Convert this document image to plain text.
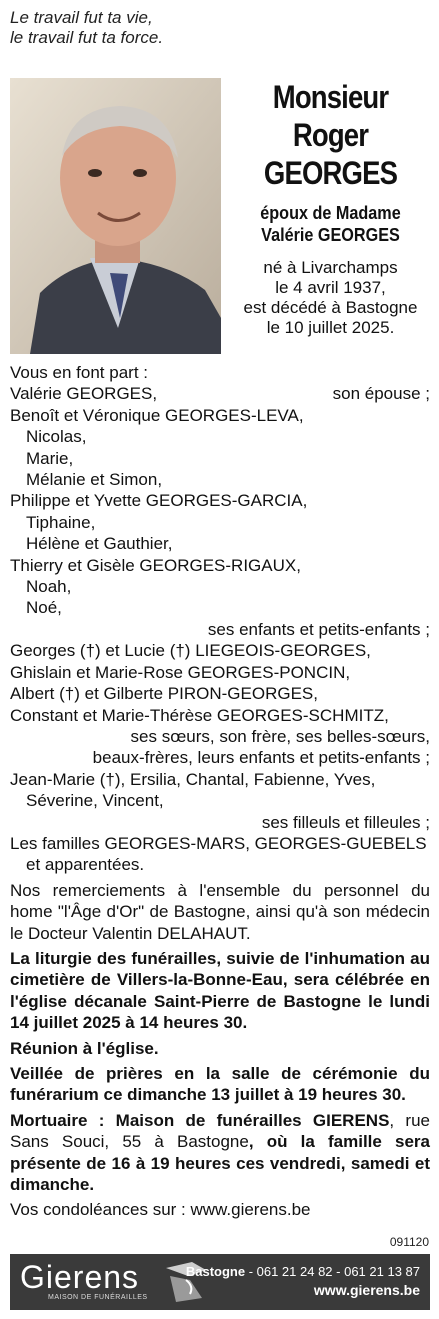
Le travail fut ta vie,
le travail fut ta force.
Monsieur
Roger
GEORGES
époux de Madame
Valérie GEORGES
né à Livarchamps
le 4 avril 1937,
est décédé à Bastogne
le 10 juillet 2025.
Vous en font part :
Valérie GEORGES,	son épouse ;
Benoît et Véronique GEORGES-LEVA,
Nicolas,
Marie,
Mélanie et Simon,
Philippe et Yvette GEORGES-GARCIA,
Tiphaine,
Hélène et Gauthier,
Thierry et Gisèle GEORGES-RIGAUX,
Noah,
Noé,
ses enfants et petits-enfants ;
Georges (†) et Lucie (†) LIEGEOIS-GEORGES,
Ghislain et Marie-Rose GEORGES-PONCIN,
Albert (†) et Gilberte PIRON-GEORGES,
Constant et Marie-Thérèse GEORGES-SCHMITZ,
ses sœurs, son frère, ses belles-sœurs,
beaux-frères, leurs enfants et petits-enfants ;
Jean-Marie (†), Ersilia, Chantal, Fabienne, Yves,
Séverine, Vincent,
ses filleuls et filleules ;
Les familles GEORGES-MARS, GEORGES-GUEBELS
et apparentées.
Nos remerciements à l'ensemble du personnel du home "l'Âge d'Or" de Bastogne, ainsi qu'à son médecin le Docteur Valentin DELAHAUT.
La liturgie des funérailles, suivie de l'inhumation au cimetière de Villers-la-Bonne-Eau, sera célébrée en l'église décanale Saint-Pierre de Bastogne le lundi 14 juillet 2025 à 14 heures 30.
Réunion à l'église.
Veillée de prières en la salle de cérémonie du funérarium ce dimanche 13 juillet à 19 heures 30.
Mortuaire : Maison de funérailles GIERENS, rue Sans Souci, 55 à Bastogne, où la famille sera présente de 16 à 19 heures ces vendredi, samedi et dimanche.
Vos condoléances sur : www.gierens.be
091120
Gierens
MAISON DE FUNÉRAILLES
Bastogne - 061 21 24 82 - 061 21 13 87
www.gierens.be
